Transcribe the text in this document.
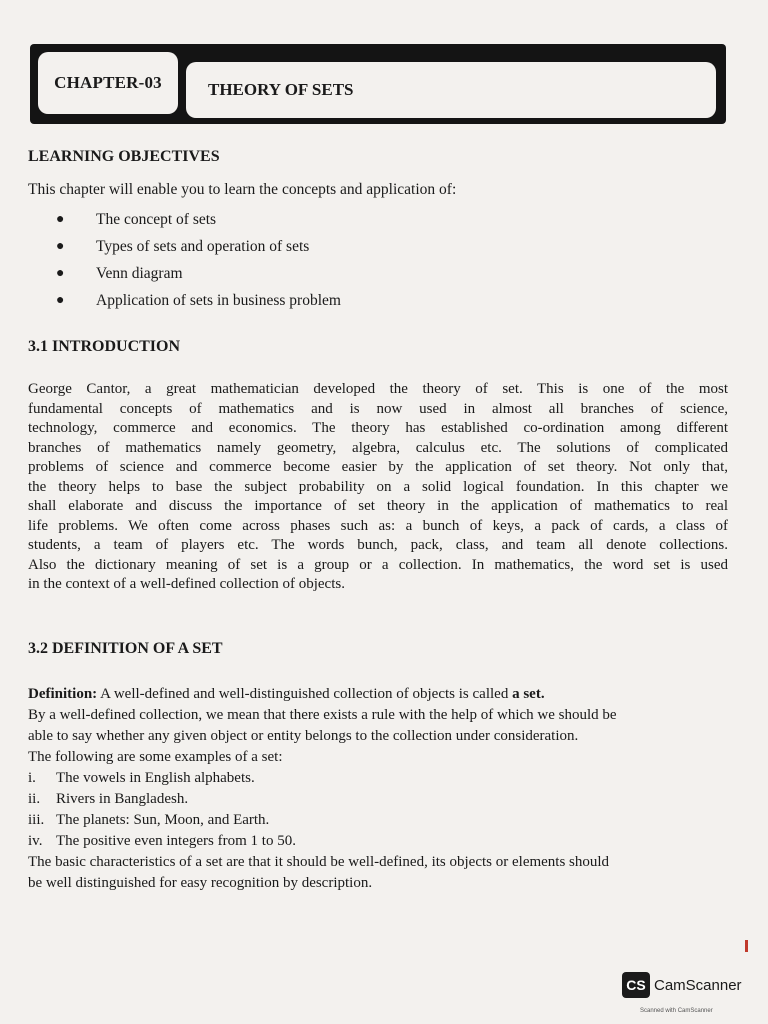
CHAPTER-03	THEORY OF SETS
LEARNING OBJECTIVES
This chapter will enable you to learn the concepts and application of:
●	The concept of sets
●	Types of sets and operation of sets
●	Venn diagram
●	Application of sets in business problem
3.1 INTRODUCTION
George Cantor, a great mathematician developed the theory of set. This is one of the most
fundamental concepts of mathematics and is now used in almost all branches of science,
technology, commerce and economics. The theory has established co-ordination among different
branches of mathematics namely geometry, algebra, calculus etc. The solutions of complicated
problems of science and commerce become easier by the application of set theory. Not only that,
the theory helps to base the subject probability on a solid logical foundation. In this chapter we
shall elaborate and discuss the importance of set theory in the application of mathematics to real
life problems. We often come across phases such as: a bunch of keys, a pack of cards, a class of
students, a team of players etc. The words bunch, pack, class, and team all denote collections.
Also the dictionary meaning of set is a group or a collection. In mathematics, the word set is used
in the context of a well-defined collection of objects.
3.2 DEFINITION OF A SET
Definition: A well-defined and well-distinguished collection of objects is called a set.
By a well-defined collection, we mean that there exists a rule with the help of which we should be
able to say whether any given object or entity belongs to the collection under consideration.
The following are some examples of a set:
i. The vowels in English alphabets.
ii. Rivers in Bangladesh.
iii. The planets: Sun, Moon, and Earth.
iv. The positive even integers from 1 to 50.
The basic characteristics of a set are that it should be well-defined, its objects or elements should
be well distinguished for easy recognition by description.
CS CamScanner
Scanned with CamScanner
